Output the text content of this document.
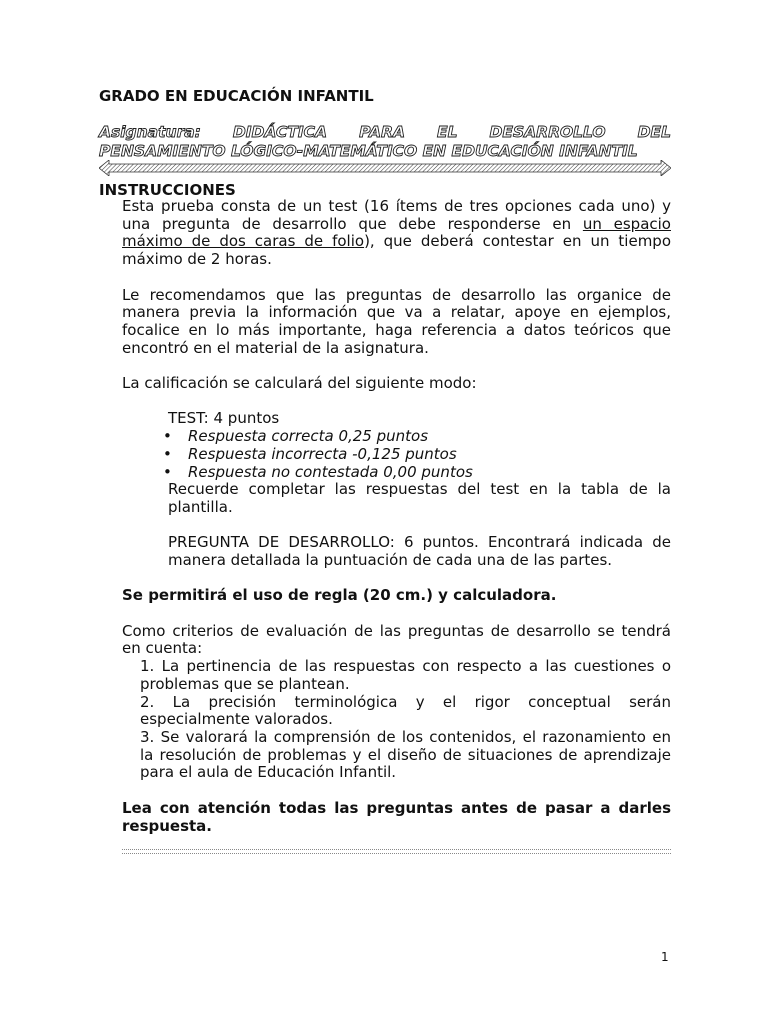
GRADO EN EDUCACIÓN INFANTIL
Asignatura: DIDÁCTICA PARA EL DESARROLLO DEL
PENSAMIENTO LÓGICO-MATEMÁTICO EN EDUCACIÓN INFANTIL
INSTRUCCIONES

Esta prueba consta de un test (16 ítems de tres opciones cada uno) y una pregunta de desarrollo que debe responderse en un espacio máximo de dos caras de folio), que deberá contestar en un tiempo máximo de 2 horas.

Le recomendamos que las preguntas de desarrollo las organice de manera previa la información que va a relatar, apoye en ejemplos, focalice en lo más importante, haga referencia a datos teóricos que encontró en el material de la asignatura.

La calificación se calculará del siguiente modo:

TEST: 4 puntos

• Respuesta correcta 0,25 puntos
• Respuesta incorrecta -0,125 puntos
• Respuesta no contestada 0,00 puntos

Recuerde completar las respuestas del test en la tabla de la plantilla.

PREGUNTA DE DESARROLLO: 6 puntos. Encontrará indicada de manera detallada la puntuación de cada una de las partes.

Se permitirá el uso de regla (20 cm.) y calculadora.

Como criterios de evaluación de las preguntas de desarrollo se tendrá en cuenta:

1. La pertinencia de las respuestas con respecto a las cuestiones o problemas que se plantean.

2. La precisión terminológica y el rigor conceptual serán especialmente valorados.

3. Se valorará la comprensión de los contenidos, el razonamiento en la resolución de problemas y el diseño de situaciones de aprendizaje para el aula de Educación Infantil.

Lea con atención todas las preguntas antes de pasar a darles respuesta.

1
